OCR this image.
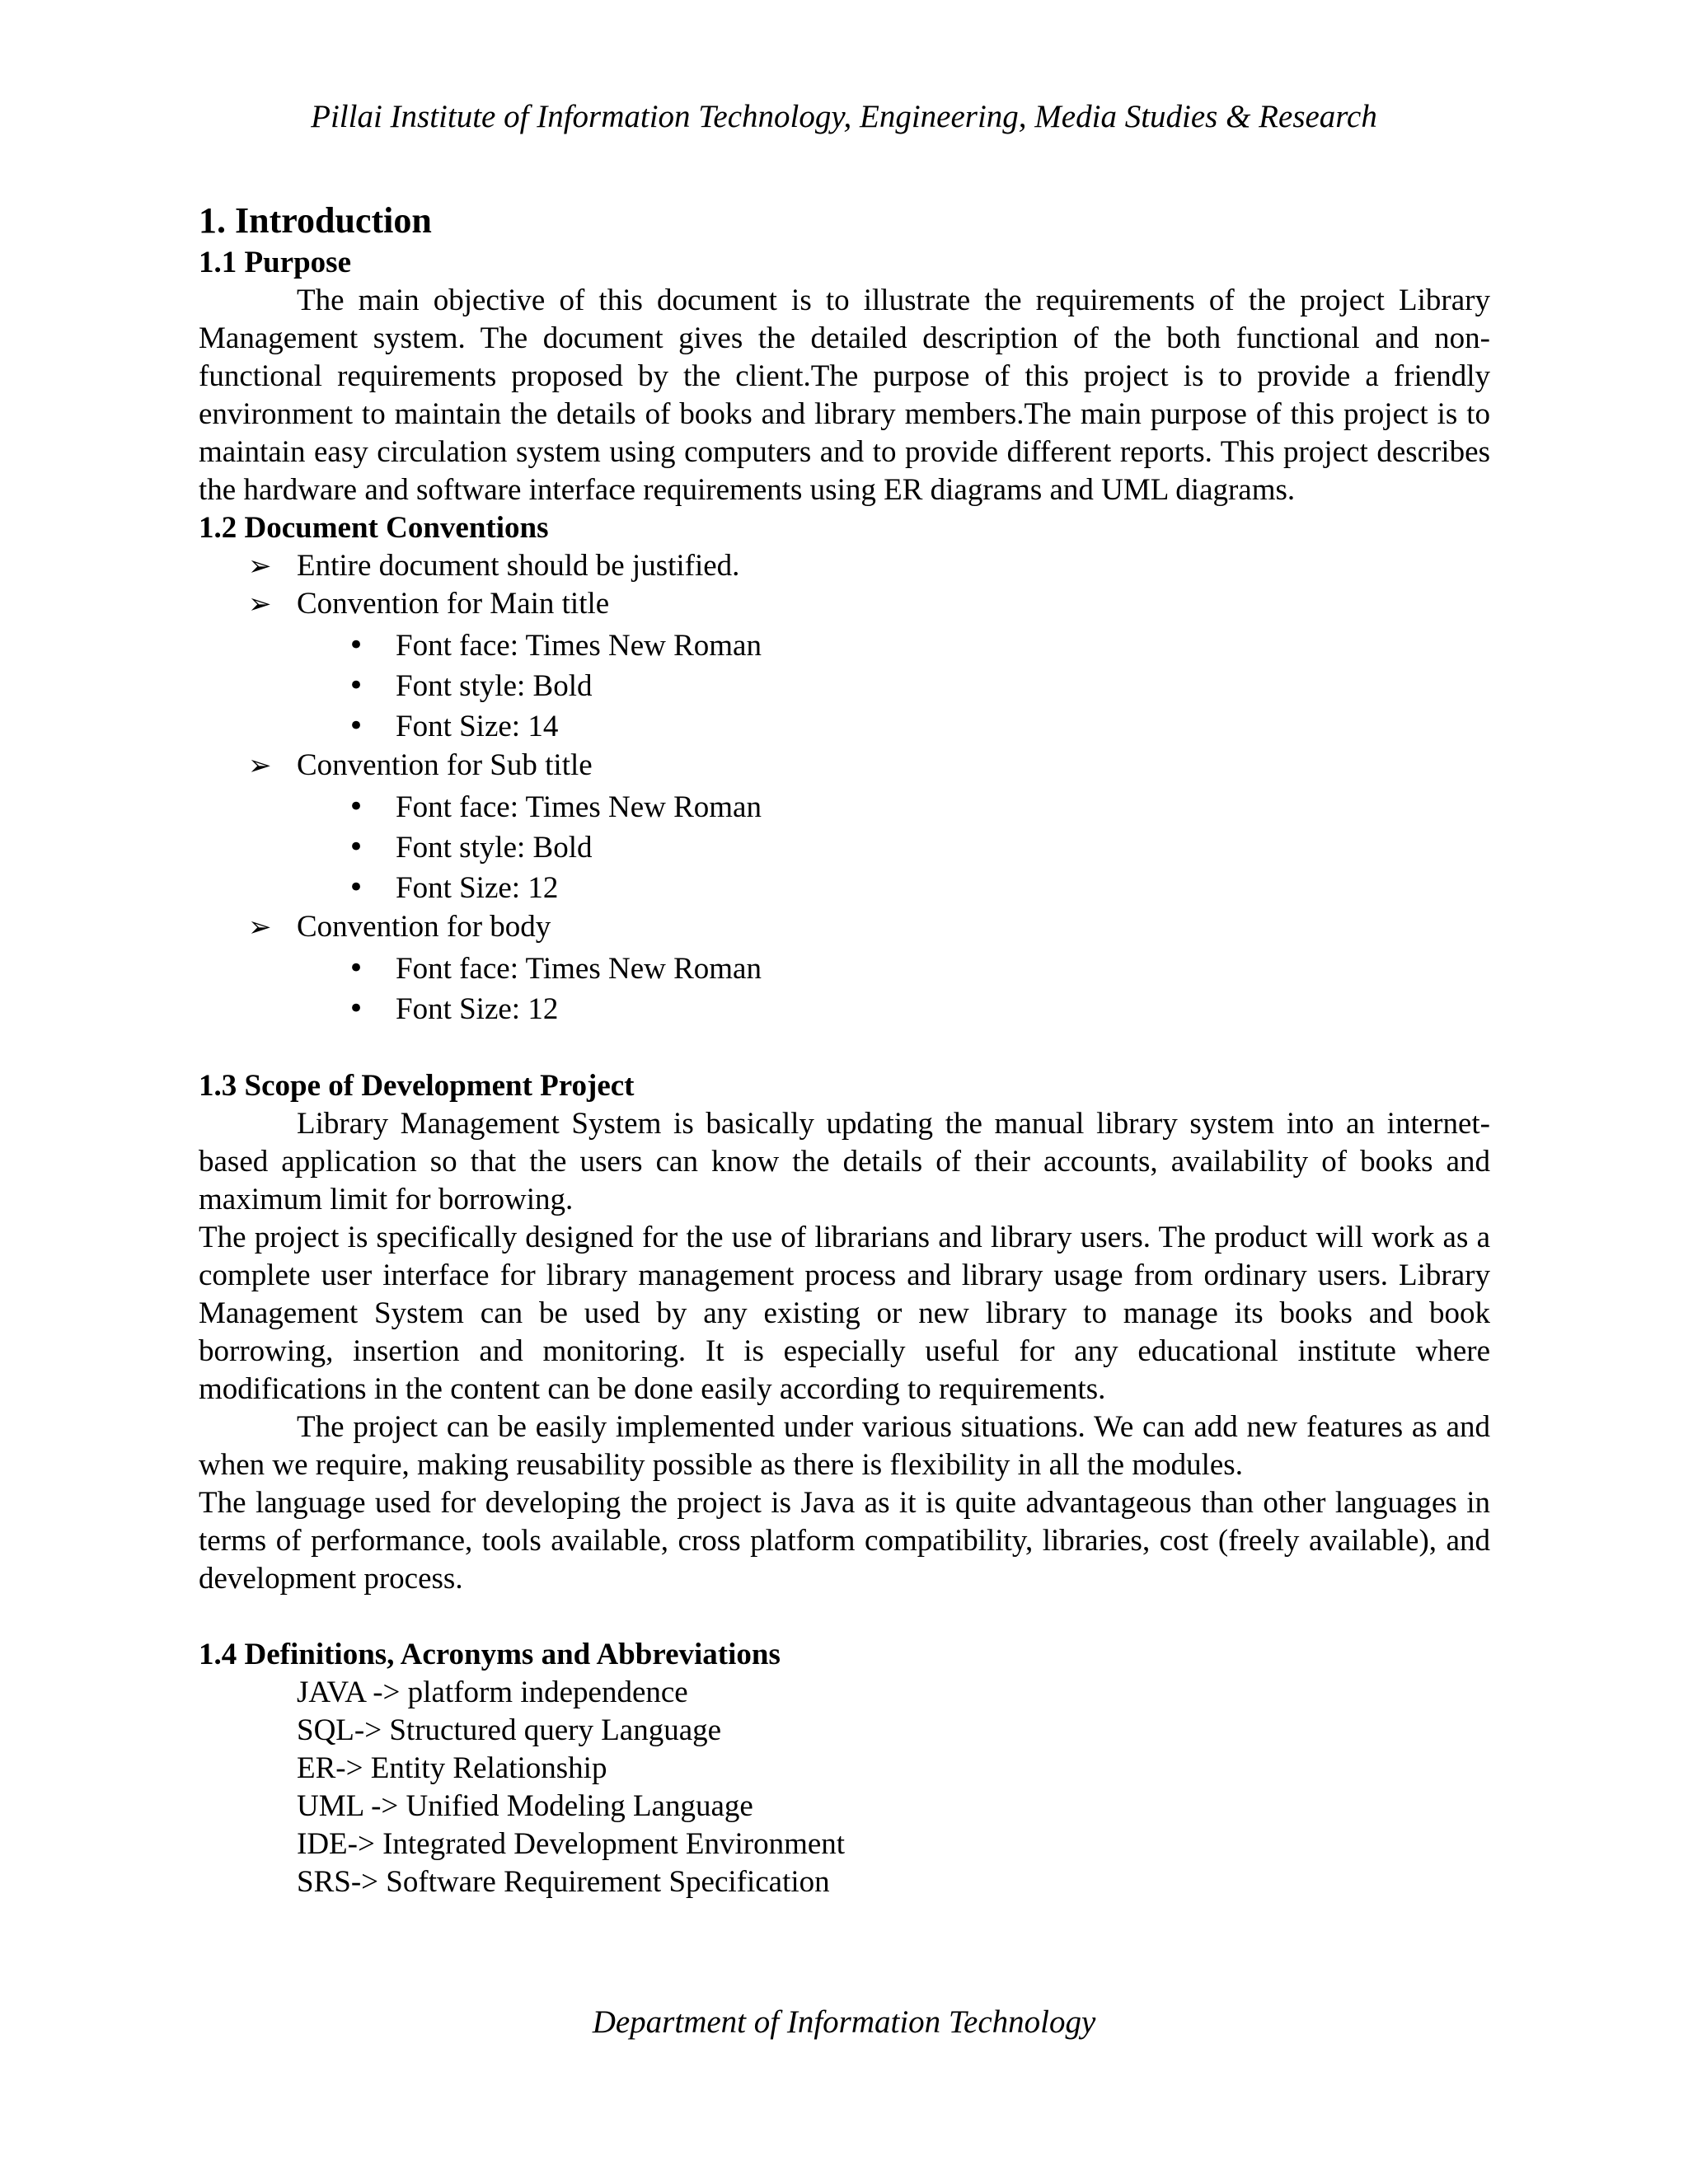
Pillai Institute of Information Technology, Engineering, Media Studies & Research
1. Introduction
1.1 Purpose

The main objective of this document is to illustrate the requirements of the project Library Management system. The document gives the detailed description of the both functional and non-functional requirements proposed by the client.The purpose of this project is to provide a friendly environment to maintain the details of books and library members.The main purpose of this project is to maintain easy circulation system using computers and to provide different reports. This project describes the hardware and software interface requirements using ER diagrams and UML diagrams.

1.2 Document Conventions
➢ Entire document should be justified.
➢ Convention for Main title
• Font face: Times New Roman
• Font style: Bold
• Font Size: 14
➢ Convention for Sub title
• Font face: Times New Roman
• Font style: Bold
• Font Size: 12
➢ Convention for body
• Font face: Times New Roman
• Font Size: 12
1.3 Scope of Development Project

Library Management System is basically updating the manual library system into an internet-based application so that the users can know the details of their accounts, availability of books and maximum limit for borrowing.

The project is specifically designed for the use of librarians and library users. The product will work as a complete user interface for library management process and library usage from ordinary users. Library Management System can be used by any existing or new library to manage its books and book borrowing, insertion and monitoring. It is especially useful for any educational institute where modifications in the content can be done easily according to requirements.

The project can be easily implemented under various situations. We can add new features as and when we require, making reusability possible as there is flexibility in all the modules.

The language used for developing the project is Java as it is quite advantageous than other languages in terms of performance, tools available, cross platform compatibility, libraries, cost (freely available), and development process.

1.4 Definitions, Acronyms and Abbreviations
JAVA -> platform independence
SQL-> Structured query Language
ER-> Entity Relationship
UML -> Unified Modeling Language
IDE-> Integrated Development Environment
SRS-> Software Requirement Specification
Department of Information Technology
